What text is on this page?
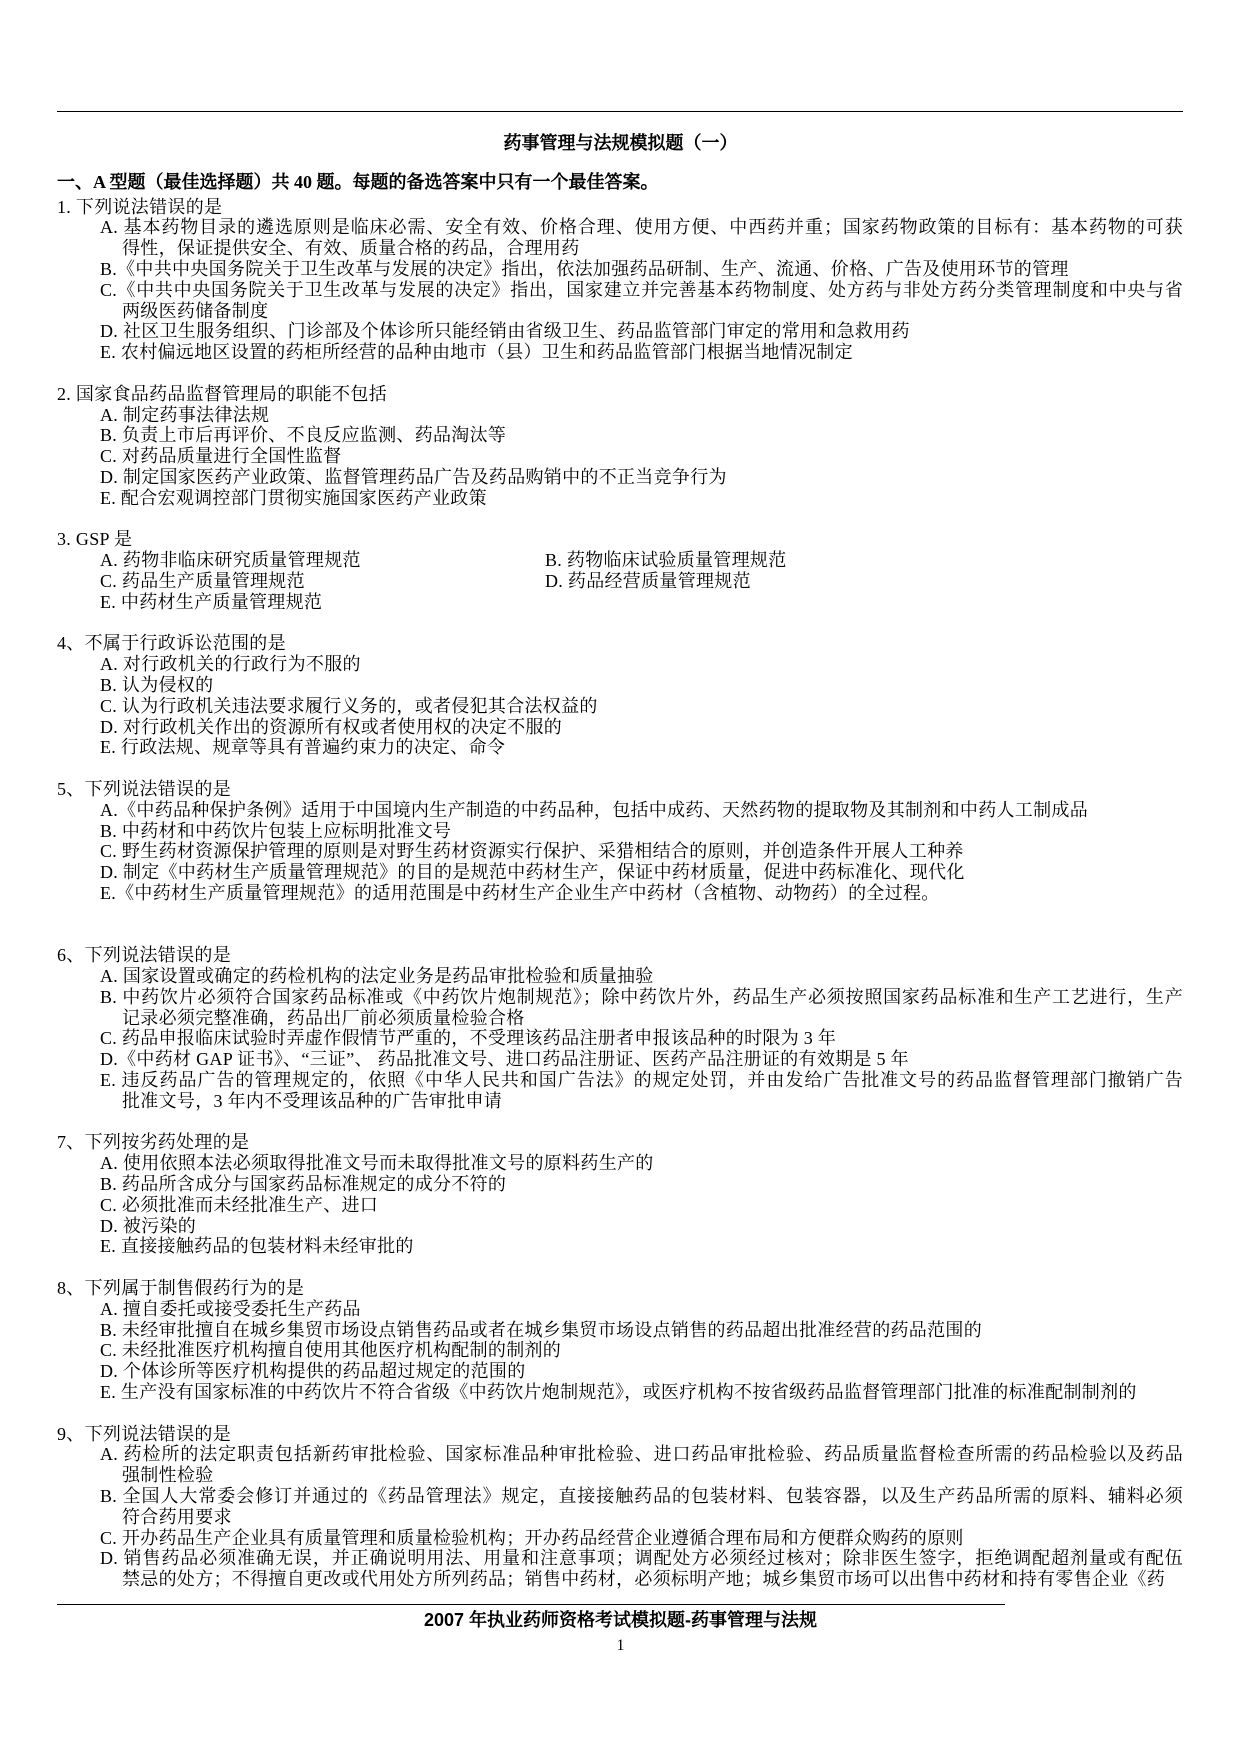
药事管理与法规模拟题（一）
一、A 型题（最佳选择题）共 40 题。每题的备选答案中只有一个最佳答案。
1. 下列说法错误的是
A. 基本药物目录的遴选原则是临床必需、安全有效、价格合理、使用方便、中西药并重；国家药物政策的目标有：基本药物的可获
得性，保证提供安全、有效、质量合格的药品，合理用药
B.《中共中央国务院关于卫生改革与发展的决定》指出，依法加强药品研制、生产、流通、价格、广告及使用环节的管理
C.《中共中央国务院关于卫生改革与发展的决定》指出，国家建立并完善基本药物制度、处方药与非处方药分类管理制度和中央与省
两级医药储备制度
D. 社区卫生服务组织、门诊部及个体诊所只能经销由省级卫生、药品监管部门审定的常用和急救用药
E. 农村偏远地区设置的药柜所经营的品种由地市（县）卫生和药品监管部门根据当地情况制定
2. 国家食品药品监督管理局的职能不包括
A. 制定药事法律法规
B. 负责上市后再评价、不良反应监测、药品淘汰等
C. 对药品质量进行全国性监督
D. 制定国家医药产业政策、监督管理药品广告及药品购销中的不正当竞争行为
E. 配合宏观调控部门贯彻实施国家医药产业政策
3. GSP 是
A. 药物非临床研究质量管理规范	B. 药物临床试验质量管理规范
C. 药品生产质量管理规范	D. 药品经营质量管理规范
E. 中药材生产质量管理规范
4、不属于行政诉讼范围的是
A. 对行政机关的行政行为不服的
B. 认为侵权的
C. 认为行政机关违法要求履行义务的，或者侵犯其合法权益的
D. 对行政机关作出的资源所有权或者使用权的决定不服的
E. 行政法规、规章等具有普遍约束力的决定、命令
5、下列说法错误的是
A.《中药品种保护条例》适用于中国境内生产制造的中药品种，包括中成药、天然药物的提取物及其制剂和中药人工制成品
B. 中药材和中药饮片包装上应标明批准文号
C. 野生药材资源保护管理的原则是对野生药材资源实行保护、采猎相结合的原则，并创造条件开展人工种养
D. 制定《中药材生产质量管理规范》的目的是规范中药材生产，保证中药材质量，促进中药标准化、现代化
E.《中药材生产质量管理规范》的适用范围是中药材生产企业生产中药材（含植物、动物药）的全过程。
6、下列说法错误的是
A. 国家设置或确定的药检机构的法定业务是药品审批检验和质量抽验
B. 中药饮片必须符合国家药品标准或《中药饮片炮制规范》；除中药饮片外，药品生产必须按照国家药品标准和生产工艺进行，生产
记录必须完整准确，药品出厂前必须质量检验合格
C. 药品申报临床试验时弄虚作假情节严重的，不受理该药品注册者申报该品种的时限为 3 年
D.《中药材 GAP 证书》、“三证”、 药品批准文号、进口药品注册证、医药产品注册证的有效期是 5 年
E. 违反药品广告的管理规定的，依照《中华人民共和国广告法》的规定处罚，并由发给广告批准文号的药品监督管理部门撤销广告
批准文号，3 年内不受理该品种的广告审批申请
7、下列按劣药处理的是
A. 使用依照本法必须取得批准文号而未取得批准文号的原料药生产的
B. 药品所含成分与国家药品标准规定的成分不符的
C. 必须批准而未经批准生产、进口
D. 被污染的
E. 直接接触药品的包装材料未经审批的
8、下列属于制售假药行为的是
A. 擅自委托或接受委托生产药品
B. 未经审批擅自在城乡集贸市场设点销售药品或者在城乡集贸市场设点销售的药品超出批准经营的药品范围的
C. 未经批准医疗机构擅自使用其他医疗机构配制的制剂的
D. 个体诊所等医疗机构提供的药品超过规定的范围的
E. 生产没有国家标准的中药饮片不符合省级《中药饮片炮制规范》，或医疗机构不按省级药品监督管理部门批准的标准配制制剂的
9、下列说法错误的是
A. 药检所的法定职责包括新药审批检验、国家标准品种审批检验、进口药品审批检验、药品质量监督检查所需的药品检验以及药品
强制性检验
B. 全国人大常委会修订并通过的《药品管理法》规定，直接接触药品的包装材料、包装容器，以及生产药品所需的原料、辅料必须
符合药用要求
C. 开办药品生产企业具有质量管理和质量检验机构；开办药品经营企业遵循合理布局和方便群众购药的原则
D. 销售药品必须准确无误，并正确说明用法、用量和注意事项；调配处方必须经过核对；除非医生签字，拒绝调配超剂量或有配伍
禁忌的处方；不得擅自更改或代用处方所列药品；销售中药材，必须标明产地；城乡集贸市场可以出售中药材和持有零售企业《药
2007 年执业药师资格考试模拟题-药事管理与法规
1
